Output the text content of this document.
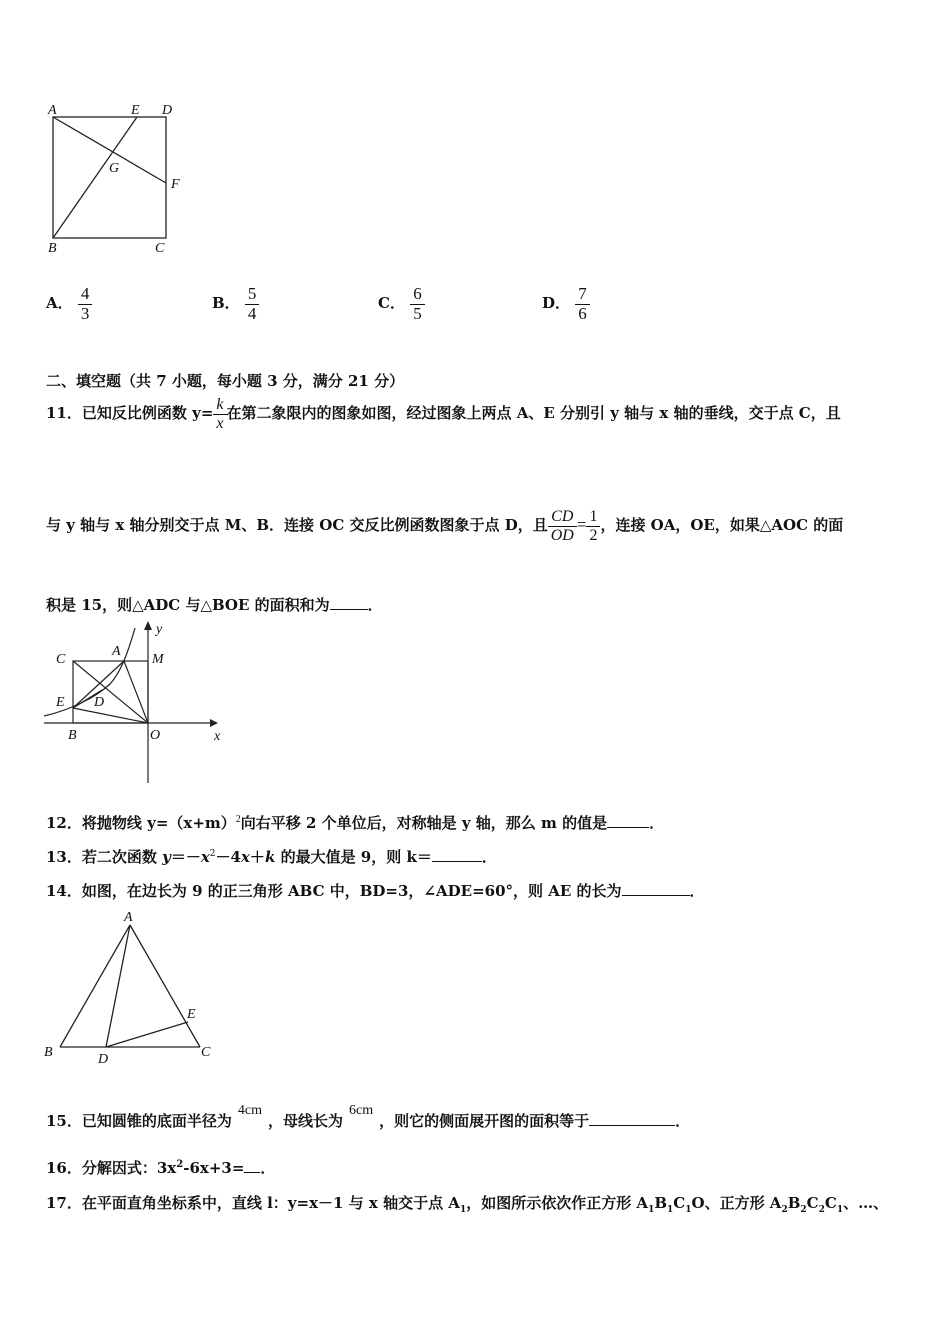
A	E D
G
F
B	C
A． $\frac{4}{3}$	B． $\frac{5}{4}$	C． $\frac{6}{5}$	D． $\frac{7}{6}$
二、填空题（共 7 小题，每小题 3 分，满分 21 分）
11．已知反比例函数 $y= \frac{k}{x}$ 在第二象限内的图象如图，经过图象上两点 A、E 分别引 y 轴与 x 轴的垂线，交于点 C，且
与 y 轴与 x 轴分别交于点 M、B．连接 OC 交反比例函数图象于点 D，且 $\frac{CD}{OD} = \frac{1}{2}$ ，连接 OA，OE，如果△AOC 的面
积是 15，则△ADC 与△BOE 的面积和为	．
C
A
M
y
E D
B	O	x
12．将抛物线 $y=(x+m)^2$向右平移 2 个单位后，对称轴是 y 轴，那么 m 的值是	．
13．若二次函数 $y=-x^2-4x+k$ 的最大值是 9，则 k＝	．
14．如图，在边长为 9 的正三角形 ABC 中，BD=3，∠ADE=60°，则 AE 的长为	．
A
B	D
E
C
15．已知圆锥的底面半径为4cm，母线长为6cm，则它的侧面展开图的面积等于	．
16．分解因式：$3x^2-6x+3=$ ．
17．在平面直角坐标系中，直线 l：y=x－1 与 x 轴交于点 $A_1$，如图所示依次作正方形 $A_1B_1C_1O$、正方形 $A_2B_2C_2C_1$、…、
